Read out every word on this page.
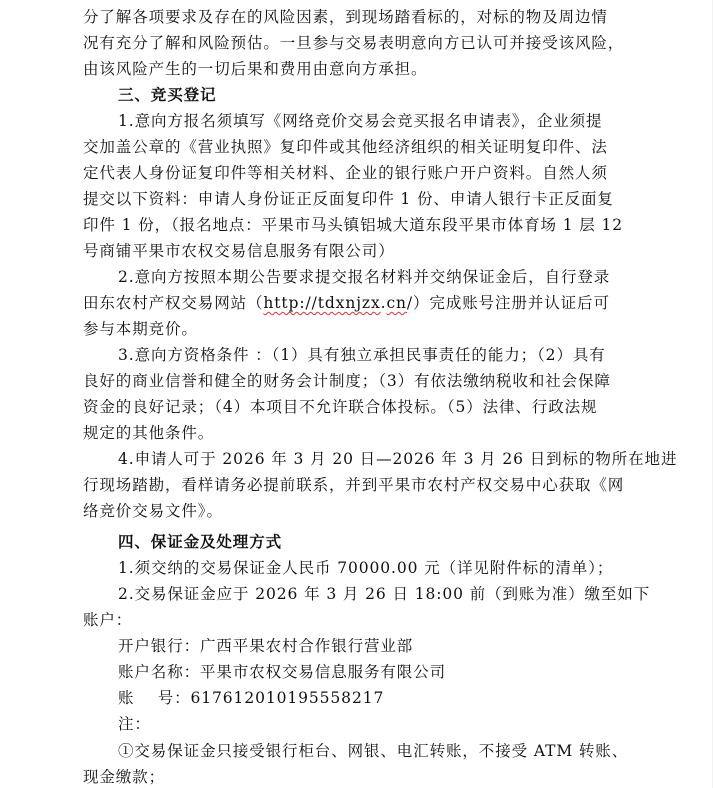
分了解各项要求及存在的风险因素，到现场踏看标的，对标的物及周边情
况有充分了解和风险预估。一旦参与交易表明意向方已认可并接受该风险，
由该风险产生的一切后果和费用由意向方承担。
三、竞买登记
1.意向方报名须填写《网络竞价交易会竞买报名申请表》，企业须提
交加盖公章的《营业执照》复印件或其他经济组织的相关证明复印件、法
定代表人身份证复印件等相关材料、企业的银行账户开户资料。自然人须
提交以下资料：申请人身份证正反面复印件 1 份、申请人银行卡正反面复
印件 1 份，（报名地点：平果市马头镇铝城大道东段平果市体育场 1 层 12
号商铺平果市农权交易信息服务有限公司）
2.意向方按照本期公告要求提交报名材料并交纳保证金后，自行登录
田东农村产权交易网站（http://tdxnjzx.cn/）完成账号注册并认证后可
参与本期竞价。
3.意向方资格条件 ：（1）具有独立承担民事责任的能力；（2）具有
良好的商业信誉和健全的财务会计制度；（3）有依法缴纳税收和社会保障
资金的良好记录；（4）本项目不允许联合体投标。（5）法律、行政法规
规定的其他条件。
4.申请人可于 2026 年 3 月 20 日—2026 年 3 月 26 日到标的物所在地进
行现场踏勘，看样请务必提前联系，并到平果市农村产权交易中心获取《网
络竞价交易文件》。
四、保证金及处理方式
1.须交纳的交易保证金人民币 70000.00 元（详见附件标的清单）；
2.交易保证金应于 2026 年 3 月 26 日 18:00 前（到账为准）缴至如下
账户：
开户银行：广西平果农村合作银行营业部
账户名称：平果市农权交易信息服务有限公司
账    号：617612010195558217
注：
①交易保证金只接受银行柜台、网银、电汇转账，不接受 ATM 转账、
现金缴款；
